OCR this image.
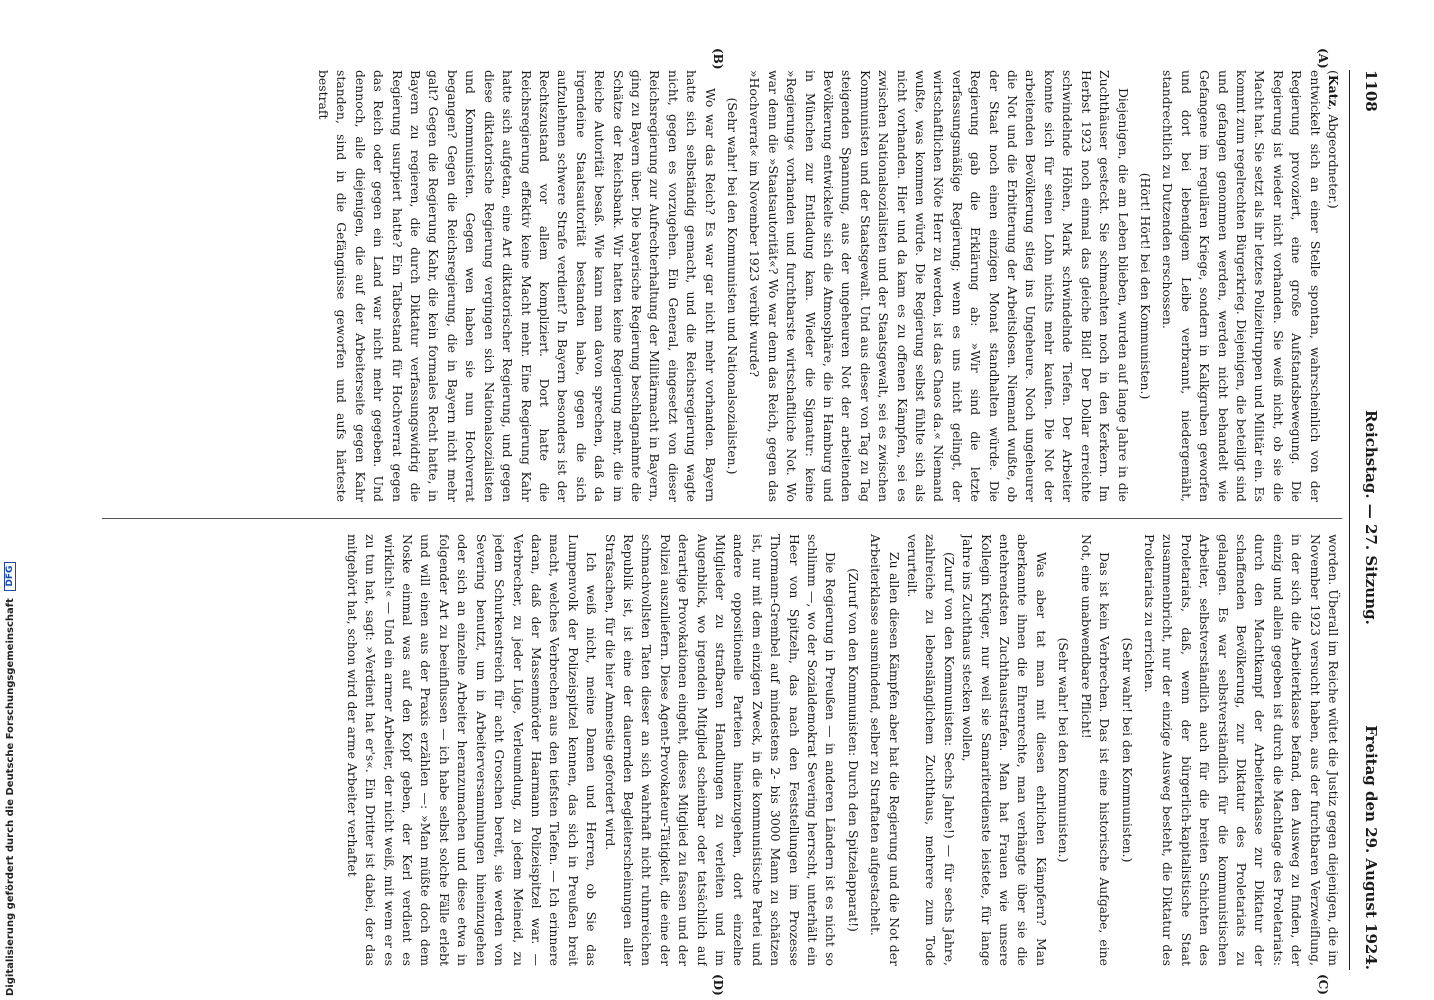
1108
Reichstag. — 27. Sitzung.
Freitag den 29. August 1924.

(Katz, Abgeordneter.)

entwickelt sich an einer Stelle spontan, wahrscheinlich von der Regierung provoziert, eine große Aufstandsbewegung. Die Regierung ist wieder nicht vorhanden. Sie weiß nicht, ob sie die Macht hat. Sie setzt als ihr letztes Polizeitruppen und Militär ein. Es kommt zum regelrechten Bürgerkrieg. Diejenigen, die beteiligt sind und gefangen genommen werden, werden nicht behandelt wie Gefangene im regulären Kriege, sondern in Kalkgruben geworfen und dort bei lebendigem Leibe verbrannt, niedergemäht, standrechtlich zu Dutzenden erschossen.

(Hört! Hört! bei den Kommunisten.)

Diejenigen, die am Leben blieben, wurden auf lange Jahre in die Zuchthäuser gesteckt. Sie schmachten noch in den Kerkern. Im Herbst 1923 noch einmal das gleiche Bild! Der Dollar erreichte schwindelnde Höhen, Mark schwindelnde Tiefen. Der Arbeiter konnte sich für seinen Lohn nichts mehr kaufen. Die Not der arbeitenden Bevölkerung stieg ins Ungeheure. Noch ungeheurer die Not und die Erbitterung der Arbeitslosen. Niemand wußte, ob der Staat noch einen einzigen Monat standhalten würde. Die Regierung gab die Erklärung ab: »Wir sind die letzte verfassungsmäßige Regierung; wenn es uns nicht gelingt, der wirtschaftlichen Nöte Herr zu werden, ist das Chaos da.« Niemand wußte, was kommen würde. Die Regierung selbst fühlte sich als nicht vorhanden. Hier und da kam es zu offenen Kämpfen, sei es zwischen Nationalsozialisten und der Staatsgewalt, sei es zwischen Kommunisten und der Staatsgewalt. Und aus dieser von Tag zu Tag steigenden Spannung, aus der ungeheuren Not der arbeitenden Bevölkerung entwickelte sich die Atmosphäre, die in Hamburg und in München zur Entladung kam. Wieder die Signatur: keine »Regierung« vorhanden und furchtbarste wirtschaftliche Not. Wo war denn die »Staatsautorität«? Wo war denn das Reich, gegen das »Hochverrat« im November 1923 verübt wurde?

(Sehr wahr! bei den Kommunisten und Nationalsozialisten.)

Wo war das Reich? Es war gar nicht mehr vorhanden. Bayern hatte sich selbständig gemacht, und die Reichsregierung wagte nicht, gegen es vorzugehen. Ein General, eingesetzt von dieser Reichsregierung zur Aufrechterhaltung der Militärmacht in Bayern, ging zu Bayern über. Die bayerische Regierung beschlagnahmte die Schätze der Reichsbank. Wir hatten keine Regierung mehr, die im Reiche Autorität besaß. Wie kann man davon sprechen, daß da irgendeine Staatsautorität bestanden habe, gegen die sich aufzulehnen schwere Strafe verdient? In Bayern besonders ist der Rechtszustand vor allem kompliziert. Dort hatte die Reichsregierung effektiv keine Macht mehr. Eine Regierung Kahr hatte sich aufgetan, eine Art diktatorischer Regierung, und gegen diese diktatorische Regierung vergingen sich Nationalsozialisten und Kommunisten. Gegen wen haben sie nun Hochverrat begangen? Gegen die Reichsregierung, die in Bayern nicht mehr galt? Gegen die Regierung Kahr, die kein formales Recht hatte, in Bayern zu regieren, die durch Diktatur verfassungswidrig die Regierung usurpiert hatte? Ein Tatbestand für Hochverrat gegen das Reich oder gegen ein Land war nicht mehr gegeben. Und dennoch, alle diejenigen, die auf der Arbeiterseite gegen Kahr standen, sind in die Gefängnisse geworfen und aufs härteste bestraft

worden. Überall im Reiche wütet die Justiz gegen diejenigen, die im November 1923 versucht haben, aus der furchtbaren Verzweiflung, in der sich die Arbeiterklasse befand, den Ausweg zu finden, der einzig und allein gegeben ist durch die Machtlage des Proletariats: durch den Machtkampf der Arbeiterklasse zur Diktatur der schaffenden Bevölkerung, zur Diktatur des Proletariats zu gelangen. Es war selbstverständlich für die kommunistischen Arbeiter, selbstverständlich auch für die breiten Schichten des Proletariats, daß, wenn der bürgerlich-kapitalistische Staat zusammenbricht, nur der einzige Ausweg besteht, die Diktatur des Proletariats zu errichten.

(Sehr wahr! bei den Kommunisten.)

Das ist kein Verbrechen. Das ist eine historische Aufgabe, eine Not, eine unabwendbare Pflicht!

(Sehr wahr! bei den Kommunisten.)

Was aber tat man mit diesen ehrlichen Kämpfern? Man aberkannte ihnen die Ehrenrechte, man verhängte über sie die entehrendsten Zuchthausstrafen. Man hat Frauen wie unsere Kollegin Krüger, nur weil sie Samariterdienste leistete, für lange Jahre ins Zuchthaus stecken wollen,

(Zuruf von den Kommunisten: Sechs Jahre!) — für sechs Jahre, zahlreiche zu lebenslänglichem Zuchthaus, mehrere zum Tode verurteilt.

Zu allen diesen Kämpfen aber hat die Regierung und die Not der Arbeiterklasse ausmündend, selber zu Straftaten aufgestachelt.

(Zuruf von den Kommunisten: Durch den Spitzelapparat!)

Die Regierung in Preußen — in anderen Ländern ist es nicht so schlimm —, wo der Sozialdemokrat Severing herrscht, unterhält ein Heer von Spitzeln, das nach den Feststellungen im Prozesse Thormann-Grembel auf mindestens 2- bis 3000 Mann zu schätzen ist, nur mit dem einzigen Zweck, in die kommunistische Partei und andere oppositionelle Parteien hineinzugehen, dort einzelne Mitglieder zu strafbaren Handlungen zu verleiten und im Augenblick, wo irgendein Mitglied scheinbar oder tatsächlich auf derartige Provokationen eingeht, dieses Mitglied zu fassen und der Polizei auszuliefern. Diese Agent-Provokateur-Tätigkeit, die eine der schmachvollsten Taten dieser an sich wahrhaft nicht ruhmreichen Republik ist, ist eine der dauernden Begleiterscheinungen aller Strafsachen, für die hier Amnestie gefordert wird.

Ich weiß nicht, meine Damen und Herren, ob Sie das Lumpenvolk der Polizeispitzel kennen, das sich in Preußen breit macht, welches Verbrechen aus den tiefsten Tiefen. — Ich erinnere daran, daß der Massenmörder Haarmann Polizeispitzel war. — Verbrecher, zu jeder Lüge, Verleumdung, zu jedem Meineid, zu jedem Schurkenstreich für acht Groschen bereit, sie werden von Severing benutzt, um in Arbeiterversammlungen hineinzugehen oder sich an einzelne Arbeiter heranzumachen und diese etwa in folgender Art zu beeinflussen — ich habe selbst solche Fälle erlebt und will einen aus der Praxis erzählen —: »Man müßte doch dem Noske einmal was auf den Kopf geben, der Kerl verdient es wirklich!« — Und ein armer Arbeiter, der nicht weiß, mit wem er es zu tun hat, sagt: »Verdient hat er's«. Ein Dritter ist dabei, der das mitgehört hat, schon wird der arme Arbeiter verhaftet

(A)
(B)
(C)
(D)
Digitalisierung gefördert durch die Deutsche Forschungsgemeinschaft DFG
